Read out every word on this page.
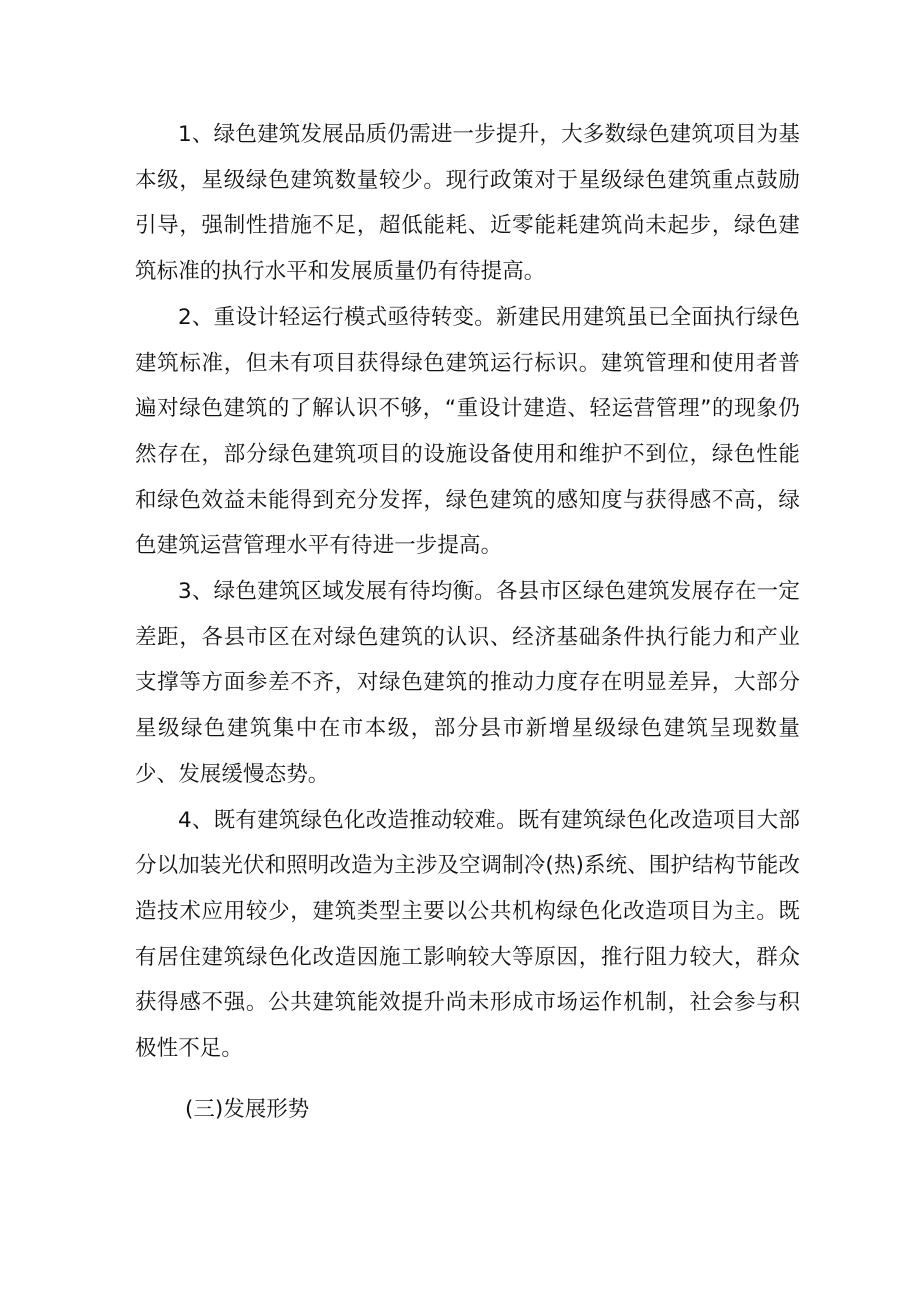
1、绿色建筑发展品质仍需进一步提升，大多数绿色建筑项目为基本级，星级绿色建筑数量较少。现行政策对于星级绿色建筑重点鼓励引导，强制性措施不足，超低能耗、近零能耗建筑尚未起步，绿色建筑标准的执行水平和发展质量仍有待提高。

2、重设计轻运行模式亟待转变。新建民用建筑虽已全面执行绿色建筑标准，但未有项目获得绿色建筑运行标识。建筑管理和使用者普遍对绿色建筑的了解认识不够，“重设计建造、轻运营管理”的现象仍然存在，部分绿色建筑项目的设施设备使用和维护不到位，绿色性能和绿色效益未能得到充分发挥，绿色建筑的感知度与获得感不高，绿色建筑运营管理水平有待进一步提高。

3、绿色建筑区域发展有待均衡。各县市区绿色建筑发展存在一定差距，各县市区在对绿色建筑的认识、经济基础条件执行能力和产业支撑等方面参差不齐，对绿色建筑的推动力度存在明显差异，大部分星级绿色建筑集中在市本级，部分县市新增星级绿色建筑呈现数量少、发展缓慢态势。

4、既有建筑绿色化改造推动较难。既有建筑绿色化改造项目大部分以加装光伏和照明改造为主涉及空调制冷(热)系统、围护结构节能改造技术应用较少，建筑类型主要以公共机构绿色化改造项目为主。既有居住建筑绿色化改造因施工影响较大等原因，推行阻力较大，群众获得感不强。公共建筑能效提升尚未形成市场运作机制，社会参与积极性不足。

(三)发展形势
